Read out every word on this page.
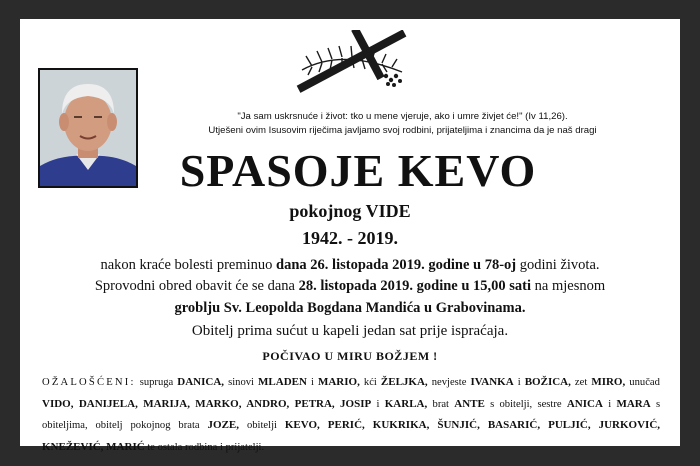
"Ja sam uskrsnuće i život: tko u mene vjeruje, ako i umre živjet će!" (Iv 11,26).
Utješeni ovim Isusovim riječima javljamo svoj rodbini, prijateljima i znancima da je naš dragi
SPASOJE KEVO
pokojnog VIDE
1942. - 2019.
nakon kraće bolesti preminuo dana 26. listopada 2019. godine u 78-oj godini života.
Sprovodni obred obavit će se dana 28. listopada 2019. godine u 15,00 sati na mjesnom
groblju Sv. Leopolda Bogdana Mandića u Grabovinama.
Obitelj prima sućut u kapeli jedan sat prije ispraćaja.
POČIVAO U MIRU BOŽJEM !
OŽALOŠĆENI: supruga DANICA, sinovi MLADEN i MARIO, kći ŽELJKA, nevjeste IVANKA i BOŽICA, zet MIRO, unučad VIDO, DANIJELA, MARIJA, MARKO, ANDRO, PETRA, JOSIP i KARLA, brat ANTE s obitelji, sestre ANICA i MARA s obiteljima, obitelj pokojnog brata JOZE, obitelji KEVO, PERIĆ, KUKRIKA, ŠUNJIĆ, BASARIĆ, PULJIĆ, JURKOVIĆ, KNEŽEVIĆ, MARIĆ te ostala rodbina i prijatelji.
